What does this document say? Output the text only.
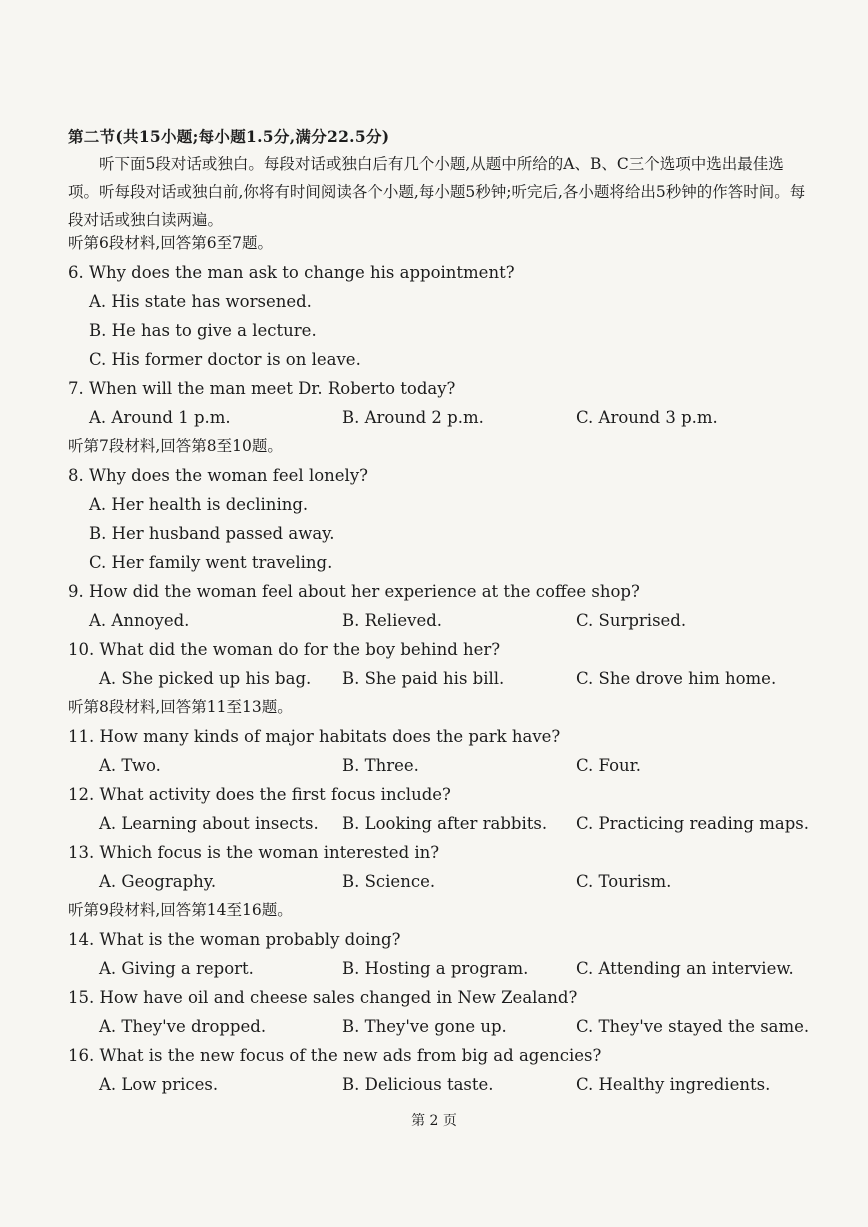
第二节(共15小题;每小题1.5分,满分22.5分)
听下面5段对话或独白。每段对话或独白后有几个小题,从题中所给的A、B、C三个选项中选出最佳选项。听每段对话或独白前,你将有时间阅读各个小题,每小题5秒钟;听完后,各小题将给出5秒钟的作答时间。每段对话或独白读两遍。
听第6段材料,回答第6至7题。
6. Why does the man ask to change his appointment?
A. His state has worsened.
B. He has to give a lecture.
C. His former doctor is on leave.
7. When will the man meet Dr. Roberto today?
A. Around 1 p.m.	B. Around 2 p.m.	C. Around 3 p.m.
听第7段材料,回答第8至10题。
8. Why does the woman feel lonely?
A. Her health is declining.
B. Her husband passed away.
C. Her family went traveling.
9. How did the woman feel about her experience at the coffee shop?
A. Annoyed.	B. Relieved.	C. Surprised.
10. What did the woman do for the boy behind her?
A. She picked up his bag. B. She paid his bill.	C. She drove him home.
听第8段材料,回答第11至13题。
11. How many kinds of major habitats does the park have?
A. Two.	B. Three.	C. Four.
12. What activity does the first focus include?
A. Learning about insects. B. Looking after rabbits. C. Practicing reading maps.
13. Which focus is the woman interested in?
A. Geography.	B. Science.	C. Tourism.
听第9段材料,回答第14至16题。
14. What is the woman probably doing?
A. Giving a report.	B. Hosting a program.	C. Attending an interview.
15. How have oil and cheese sales changed in New Zealand?
A. They've dropped.	B. They've gone up.	C. They've stayed the same.
16. What is the new focus of the new ads from big ad agencies?
A. Low prices.	B. Delicious taste.	C. Healthy ingredients.
第 2 页
